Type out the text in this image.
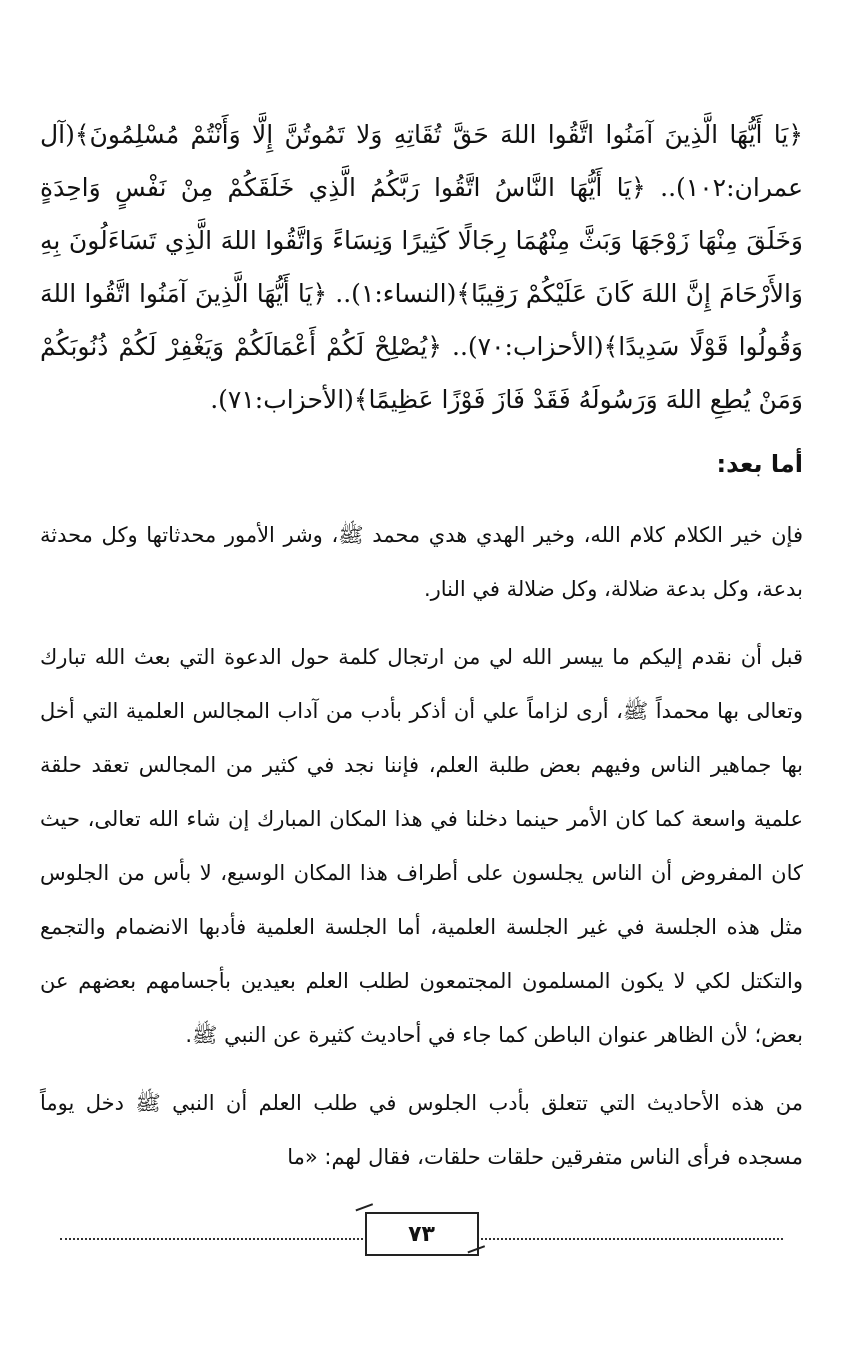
﴿يَا أَيُّهَا الَّذِينَ آمَنُوا اتَّقُوا اللهَ حَقَّ تُقَاتِهِ وَلا تَمُوتُنَّ إِلَّا وَأَنْتُمْ مُسْلِمُونَ﴾(آل عمران:١٠٢).. ﴿يَا أَيُّهَا النَّاسُ اتَّقُوا رَبَّكُمُ الَّذِي خَلَقَكُمْ مِنْ نَفْسٍ وَاحِدَةٍ وَخَلَقَ مِنْهَا زَوْجَهَا وَبَثَّ مِنْهُمَا رِجَالًا كَثِيرًا وَنِسَاءً وَاتَّقُوا اللهَ الَّذِي تَسَاءَلُونَ بِهِ وَالأَرْحَامَ إِنَّ اللهَ كَانَ عَلَيْكُمْ رَقِيبًا﴾(النساء:١).. ﴿يَا أَيُّهَا الَّذِينَ آمَنُوا اتَّقُوا اللهَ وَقُولُوا قَوْلًا سَدِيدًا﴾(الأحزاب:٧٠).. ﴿يُصْلِحْ لَكُمْ أَعْمَالَكُمْ وَيَغْفِرْ لَكُمْ ذُنُوبَكُمْ وَمَنْ يُطِعِ اللهَ وَرَسُولَهُ فَقَدْ فَازَ فَوْزًا عَظِيمًا﴾(الأحزاب:٧١).

أما بعد:

فإن خير الكلام كلام الله، وخير الهدي هدي محمد ﷺ، وشر الأمور محدثاتها وكل محدثة بدعة، وكل بدعة ضلالة، وكل ضلالة في النار.

قبل أن نقدم إليكم ما ييسر الله لي من ارتجال كلمة حول الدعوة التي بعث الله تبارك وتعالى بها محمداً ﷺ، أرى لزاماً علي أن أذكر بأدب من آداب المجالس العلمية التي أخل بها جماهير الناس وفيهم بعض طلبة العلم، فإننا نجد في كثير من المجالس تعقد حلقة علمية واسعة كما كان الأمر حينما دخلنا في هذا المكان المبارك إن شاء الله تعالى، حيث كان المفروض أن الناس يجلسون على أطراف هذا المكان الوسيع، لا بأس من الجلوس مثل هذه الجلسة في غير الجلسة العلمية، أما الجلسة العلمية فأدبها الانضمام والتجمع والتكتل لكي لا يكون المسلمون المجتمعون لطلب العلم بعيدين بأجسامهم بعضهم عن بعض؛ لأن الظاهر عنوان الباطن كما جاء في أحاديث كثيرة عن النبي ﷺ.

من هذه الأحاديث التي تتعلق بأدب الجلوس في طلب العلم أن النبي ﷺ دخل يوماً مسجده فرأى الناس متفرقين حلقات حلقات، فقال لهم: «ما

٧٣
